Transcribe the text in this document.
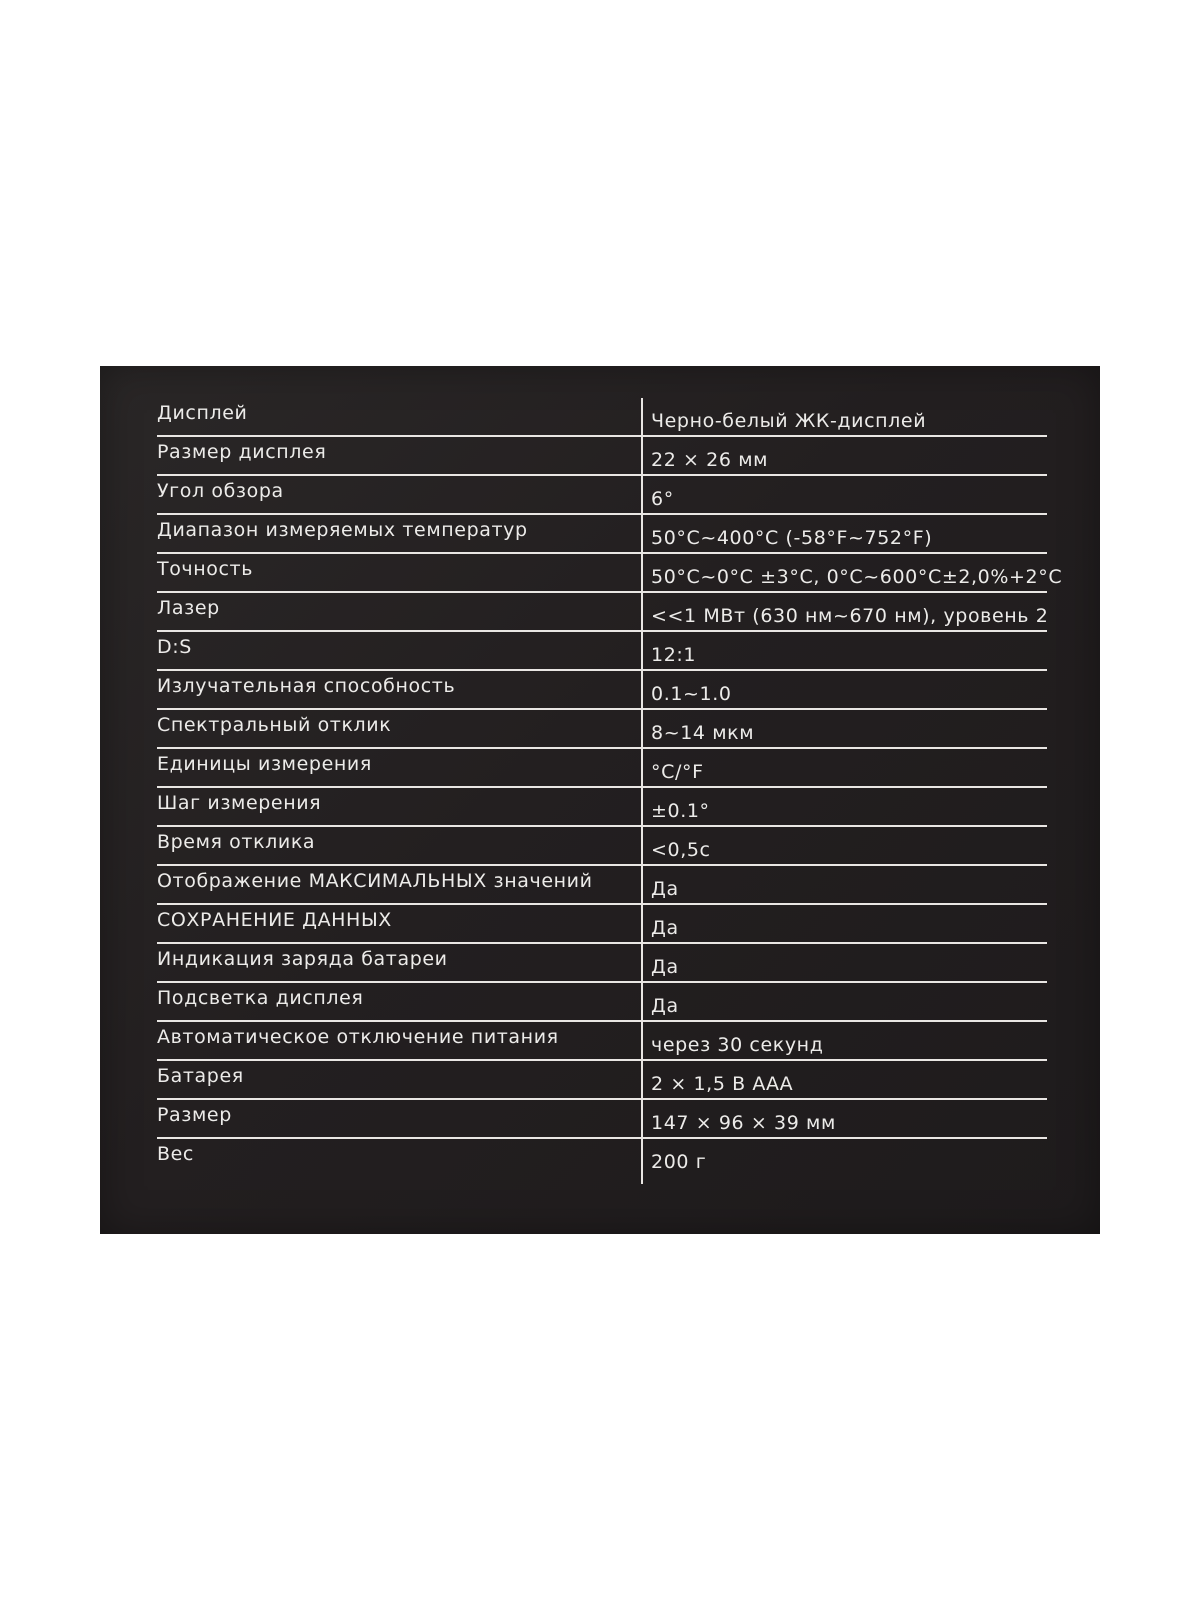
Дисплей	Черно-белый ЖК-дисплей
Размер дисплея	22 × 26 мм
Угол обзора	6°
Диапазон измеряемых температур	50°C~400°C (-58°F~752°F)
Точность	50°C~0°C ±3°C, 0°C~600°C±2,0%+2°C
Лазер	<<1 МВт (630 нм~670 нм), уровень 2
D:S	12:1
Излучательная способность	0.1~1.0
Спектральный отклик	8~14 мкм
Единицы измерения	°C/°F
Шаг измерения	±0.1°
Время отклика	<0,5с
Отображение МАКСИМАЛЬНЫХ значений	Да
СОХРАНЕНИЕ ДАННЫХ	Да
Индикация заряда батареи	Да
Подсветка дисплея	Да
Автоматическое отключение питания	через 30 секунд
Батарея	2 × 1,5 В ААА
Размер	147 × 96 × 39 мм
Вес	200 г
